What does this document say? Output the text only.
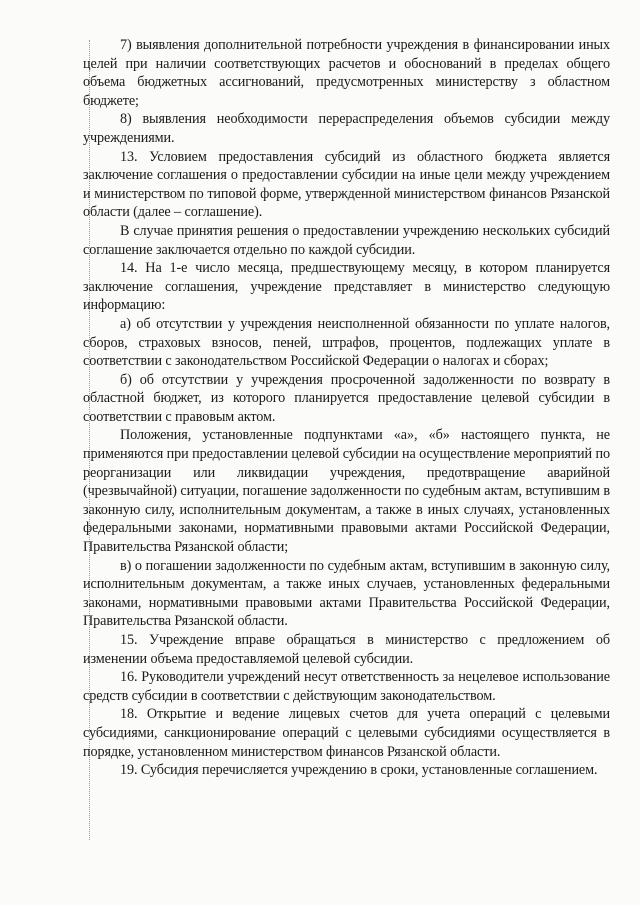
7) выявления дополнительной потребности учреждения в финансировании иных целей при наличии соответствующих расчетов и обоснований в пределах общего объема бюджетных ассигнований, предусмотренных министерству з областном бюджете;

8) выявления необходимости перераспределения объемов субсидии между учреждениями.

13. Условием предоставления субсидий из областного бюджета является заключение соглашения о предоставлении субсидии на иные цели между учреждением и министерством по типовой форме, утвержденной министерством финансов Рязанской области (далее – соглашение).

В случае принятия решения о предоставлении учреждению нескольких субсидий соглашение заключается отдельно по каждой субсидии.

14. На 1-е число месяца, предшествующему месяцу, в котором планируется заключение соглашения, учреждение представляет в министерство следующую информацию:

а) об отсутствии у учреждения неисполненной обязанности по уплате налогов, сборов, страховых взносов, пеней, штрафов, процентов, подлежащих уплате в соответствии с законодательством Российской Федерации о налогах и сборах;

б) об отсутствии у учреждения просроченной задолженности по возврату в областной бюджет, из которого планируется предоставление целевой субсидии в соответствии с правовым актом.

Положения, установленные подпунктами «а», «б» настоящего пункта, не применяются при предоставлении целевой субсидии на осуществление мероприятий по реорганизации или ликвидации учреждения, предотвращение аварийной (чрезвычайной) ситуации, погашение задолженности по судебным актам, вступившим в законную силу, исполнительным документам, а также в иных случаях, установленных федеральными законами, нормативными правовыми актами Российской Федерации, Правительства Рязанской области;

в) о погашении задолженности по судебным актам, вступившим в законную силу, исполнительным документам, а также иных случаев, установленных федеральными законами, нормативными правовыми актами Правительства Российской Федерации, Правительства Рязанской области.

15. Учреждение вправе обращаться в министерство с предложением об изменении объема предоставляемой целевой субсидии.

16. Руководители учреждений несут ответственность за нецелевое использование средств субсидии в соответствии с действующим законодательством.

18. Открытие и ведение лицевых счетов для учета операций с целевыми субсидиями, санкционирование операций с целевыми субсидиями осуществляется в порядке, установленном министерством финансов Рязанской области.

19. Субсидия перечисляется учреждению в сроки, установленные соглашением.
